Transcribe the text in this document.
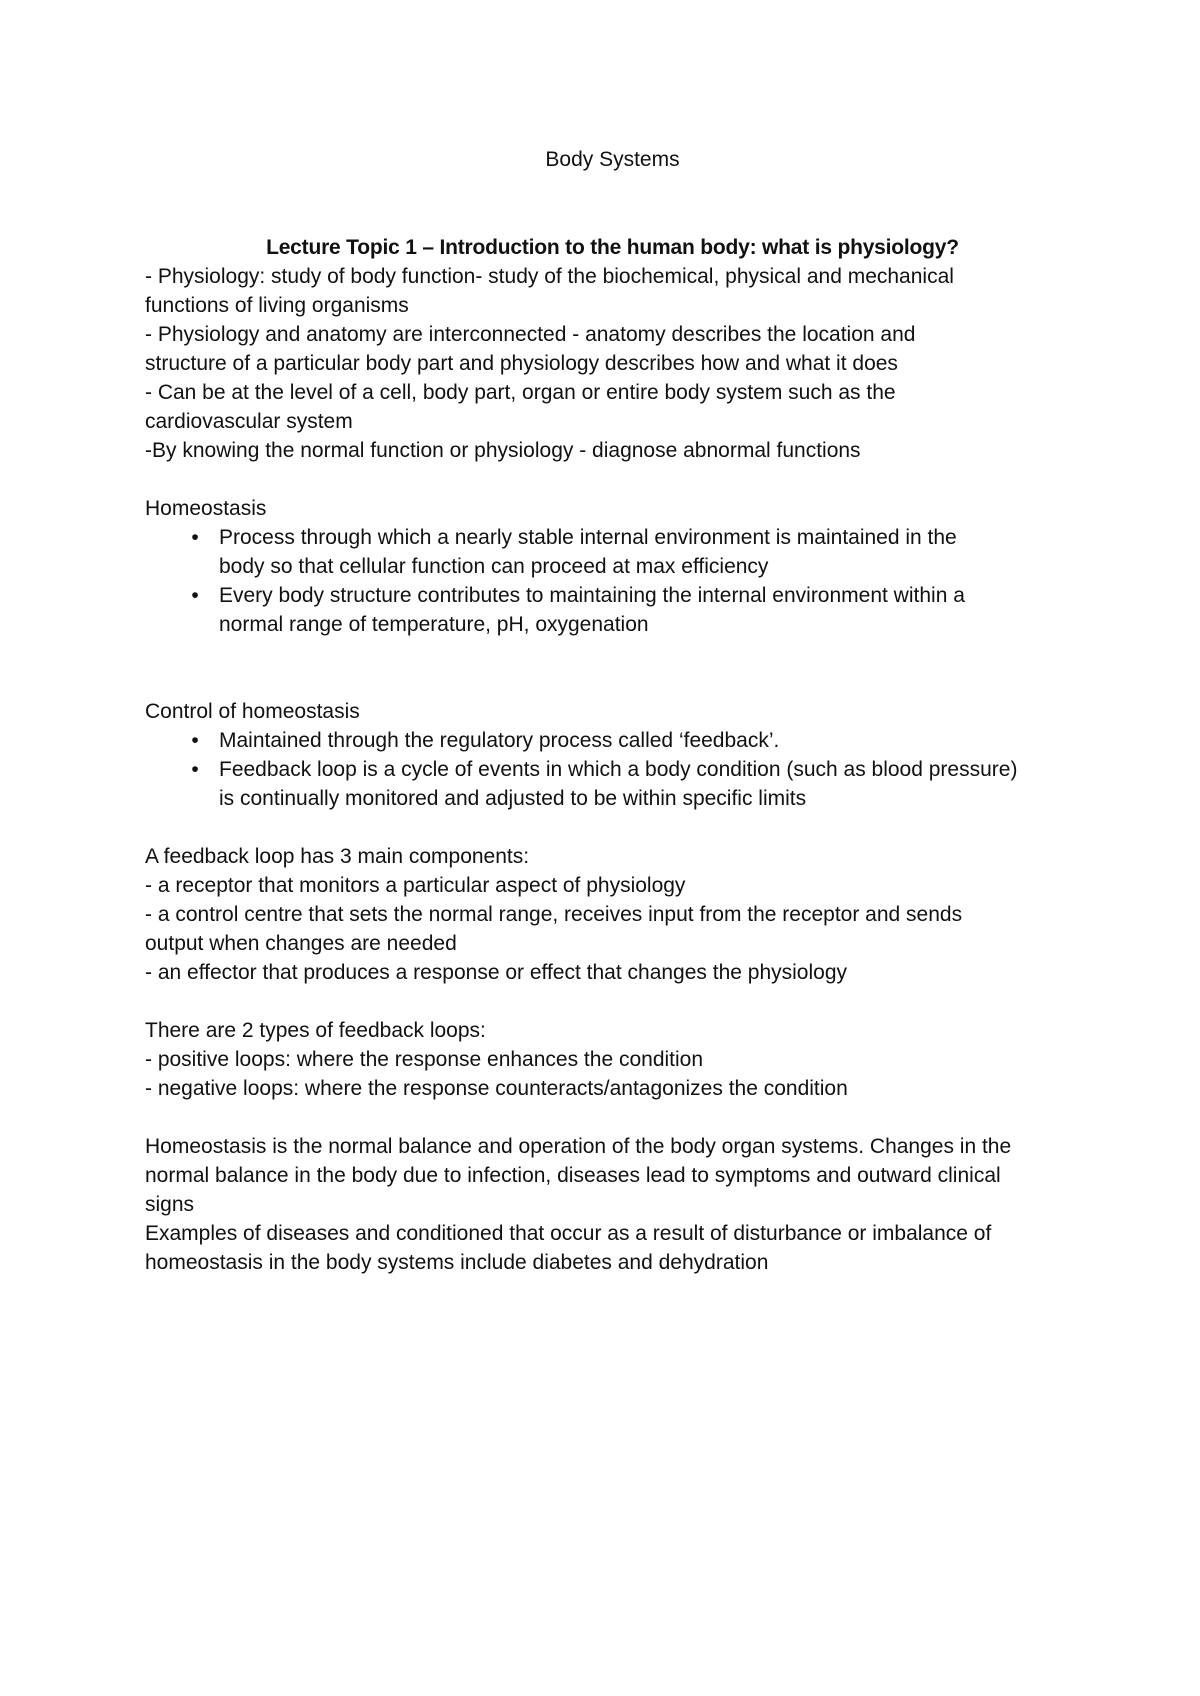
Body Systems

Lecture Topic 1 – Introduction to the human body: what is physiology?

- Physiology: study of body function- study of the biochemical, physical and mechanical
functions of living organisms
- Physiology and anatomy are interconnected - anatomy describes the location and
structure of a particular body part and physiology describes how and what it does
- Can be at the level of a cell, body part, organ or entire body system such as the
cardiovascular system
-By knowing the normal function or physiology - diagnose abnormal functions
Homeostasis
• Process through which a nearly stable internal environment is maintained in the
body so that cellular function can proceed at max efficiency
• Every body structure contributes to maintaining the internal environment within a
normal range of temperature, pH, oxygenation
Control of homeostasis
• Maintained through the regulatory process called ‘feedback’.
• Feedback loop is a cycle of events in which a body condition (such as blood pressure)
is continually monitored and adjusted to be within specific limits
A feedback loop has 3 main components:
- a receptor that monitors a particular aspect of physiology
- a control centre that sets the normal range, receives input from the receptor and sends
output when changes are needed
- an effector that produces a response or effect that changes the physiology
There are 2 types of feedback loops:
- positive loops: where the response enhances the condition
- negative loops: where the response counteracts/antagonizes the condition
Homeostasis is the normal balance and operation of the body organ systems. Changes in the
normal balance in the body due to infection, diseases lead to symptoms and outward clinical
signs
Examples of diseases and conditioned that occur as a result of disturbance or imbalance of
homeostasis in the body systems include diabetes and dehydration
